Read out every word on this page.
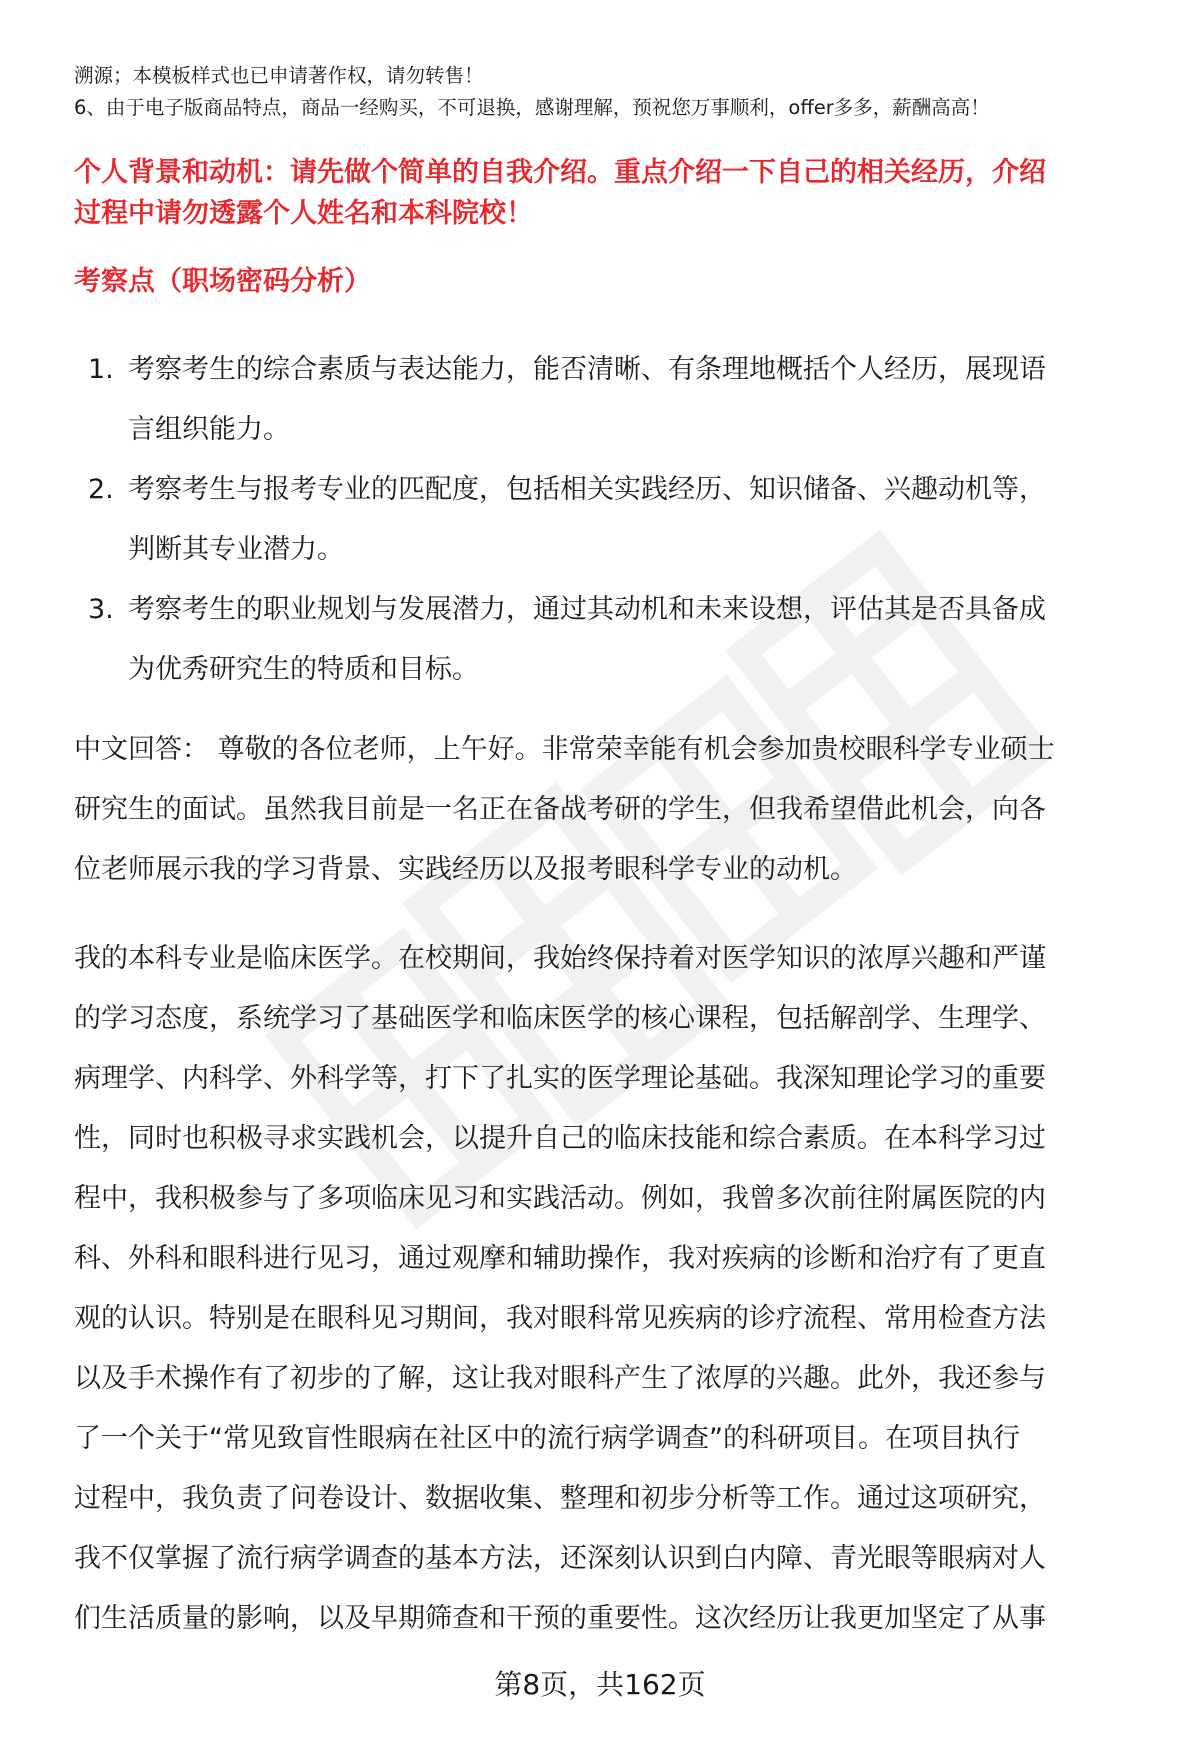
溯源；本模板样式也已申请著作权，请勿转售！
6、由于电子版商品特点，商品一经购买，不可退换，感谢理解，预祝您万事顺利，offer多多，薪酬高高！
个人背景和动机：请先做个简单的自我介绍。重点介绍一下自己的相关经历，介绍
过程中请勿透露个人姓名和本科院校！
考察点（职场密码分析）
1. 考察考生的综合素质与表达能力，能否清晰、有条理地概括个人经历，展现语
言组织能力。
2. 考察考生与报考专业的匹配度，包括相关实践经历、知识储备、兴趣动机等，
判断其专业潜力。
3. 考察考生的职业规划与发展潜力，通过其动机和未来设想，评估其是否具备成
为优秀研究生的特质和目标。
中文回答： 尊敬的各位老师，上午好。非常荣幸能有机会参加贵校眼科学专业硕士
研究生的面试。虽然我目前是一名正在备战考研的学生，但我希望借此机会，向各
位老师展示我的学习背景、实践经历以及报考眼科学专业的动机。
我的本科专业是临床医学。在校期间，我始终保持着对医学知识的浓厚兴趣和严谨
的学习态度，系统学习了基础医学和临床医学的核心课程，包括解剖学、生理学、
病理学、内科学、外科学等，打下了扎实的医学理论基础。我深知理论学习的重要
性，同时也积极寻求实践机会，以提升自己的临床技能和综合素质。在本科学习过
程中，我积极参与了多项临床见习和实践活动。例如，我曾多次前往附属医院的内
科、外科和眼科进行见习，通过观摩和辅助操作，我对疾病的诊断和治疗有了更直
观的认识。特别是在眼科见习期间，我对眼科常见疾病的诊疗流程、常用检查方法
以及手术操作有了初步的了解，这让我对眼科产生了浓厚的兴趣。此外，我还参与
了一个关于“常见致盲性眼病在社区中的流行病学调查”的科研项目。在项目执行
过程中，我负责了问卷设计、数据收集、整理和初步分析等工作。通过这项研究，
我不仅掌握了流行病学调查的基本方法，还深刻认识到白内障、青光眼等眼病对人
们生活质量的影响，以及早期筛查和干预的重要性。这次经历让我更加坚定了从事
第8页，共162页
